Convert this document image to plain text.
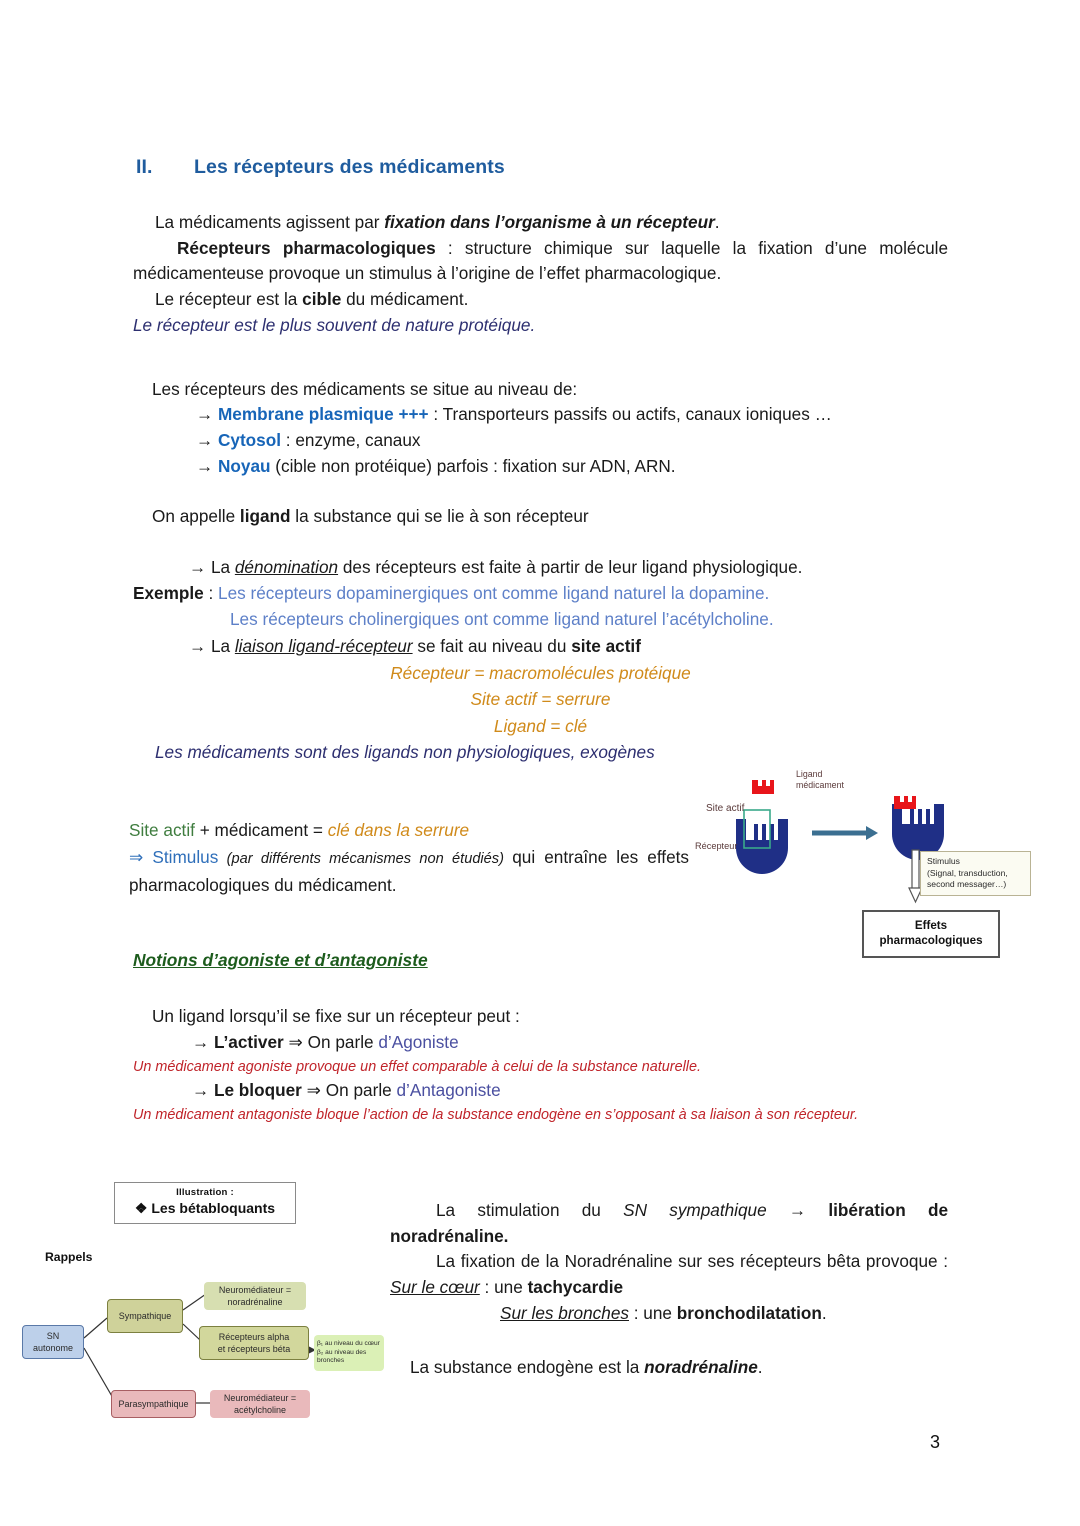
II. Les récepteurs des médicaments
La médicaments agissent par fixation dans l’organisme à un récepteur.
Récepteurs pharmacologiques : structure chimique sur laquelle la fixation d’une molécule médicamenteuse provoque un stimulus à l’origine de l’effet pharmacologique.
Le récepteur est la cible du médicament.
Le récepteur est le plus souvent de nature protéique.
Les récepteurs des médicaments se situe au niveau de:
→ Membrane plasmique +++ : Transporteurs passifs ou actifs, canaux ioniques …
→ Cytosol : enzyme, canaux
→ Noyau (cible non protéique) parfois : fixation sur ADN, ARN.
On appelle ligand la substance qui se lie à son récepteur
→ La dénomination des récepteurs est faite à partir de leur ligand physiologique.
Exemple : Les récepteurs dopaminergiques ont comme ligand naturel la dopamine.
Les récepteurs cholinergiques ont comme ligand naturel l’acétylcholine.
→ La liaison ligand-récepteur se fait au niveau du site actif
Récepteur = macromolécules protéique
Site actif = serrure
Ligand = clé
Les médicaments sont des ligands non physiologiques, exogènes
Site actif + médicament = clé dans la serrure
⇒ Stimulus (par différents mécanismes non étudiés) qui entraîne les effets pharmacologiques du médicament.
Ligand
médicament
Site actif
Récepteur
Stimulus
(Signal, transduction, second messager…)
Effets
pharmacologiques
Notions d’agoniste et d’antagoniste
Un ligand lorsqu’il se fixe sur un récepteur peut :
→ L’activer ⇒ On parle d’Agoniste
Un médicament agoniste provoque un effet comparable à celui de la substance naturelle.
→ Le bloquer ⇒ On parle d’Antagoniste
Un médicament antagoniste bloque l’action de la substance endogène en s’opposant à sa liaison à son récepteur.
Illustration :
❖ Les bétabloquants
Rappels
SN
autonome
Sympathique
Parasympathique
Neuromédiateur =
noradrénaline
Récepteurs alpha
et récepteurs béta
β₁ au niveau du cœur
β₂ au niveau des
bronches
Neuromédiateur =
acétylcholine
La stimulation du SN sympathique → libération de noradrénaline.
La fixation de la Noradrénaline sur ses récepteurs bêta provoque : Sur le cœur : une tachycardie
Sur les bronches : une bronchodilatation.
La substance endogène est la noradrénaline.
3
